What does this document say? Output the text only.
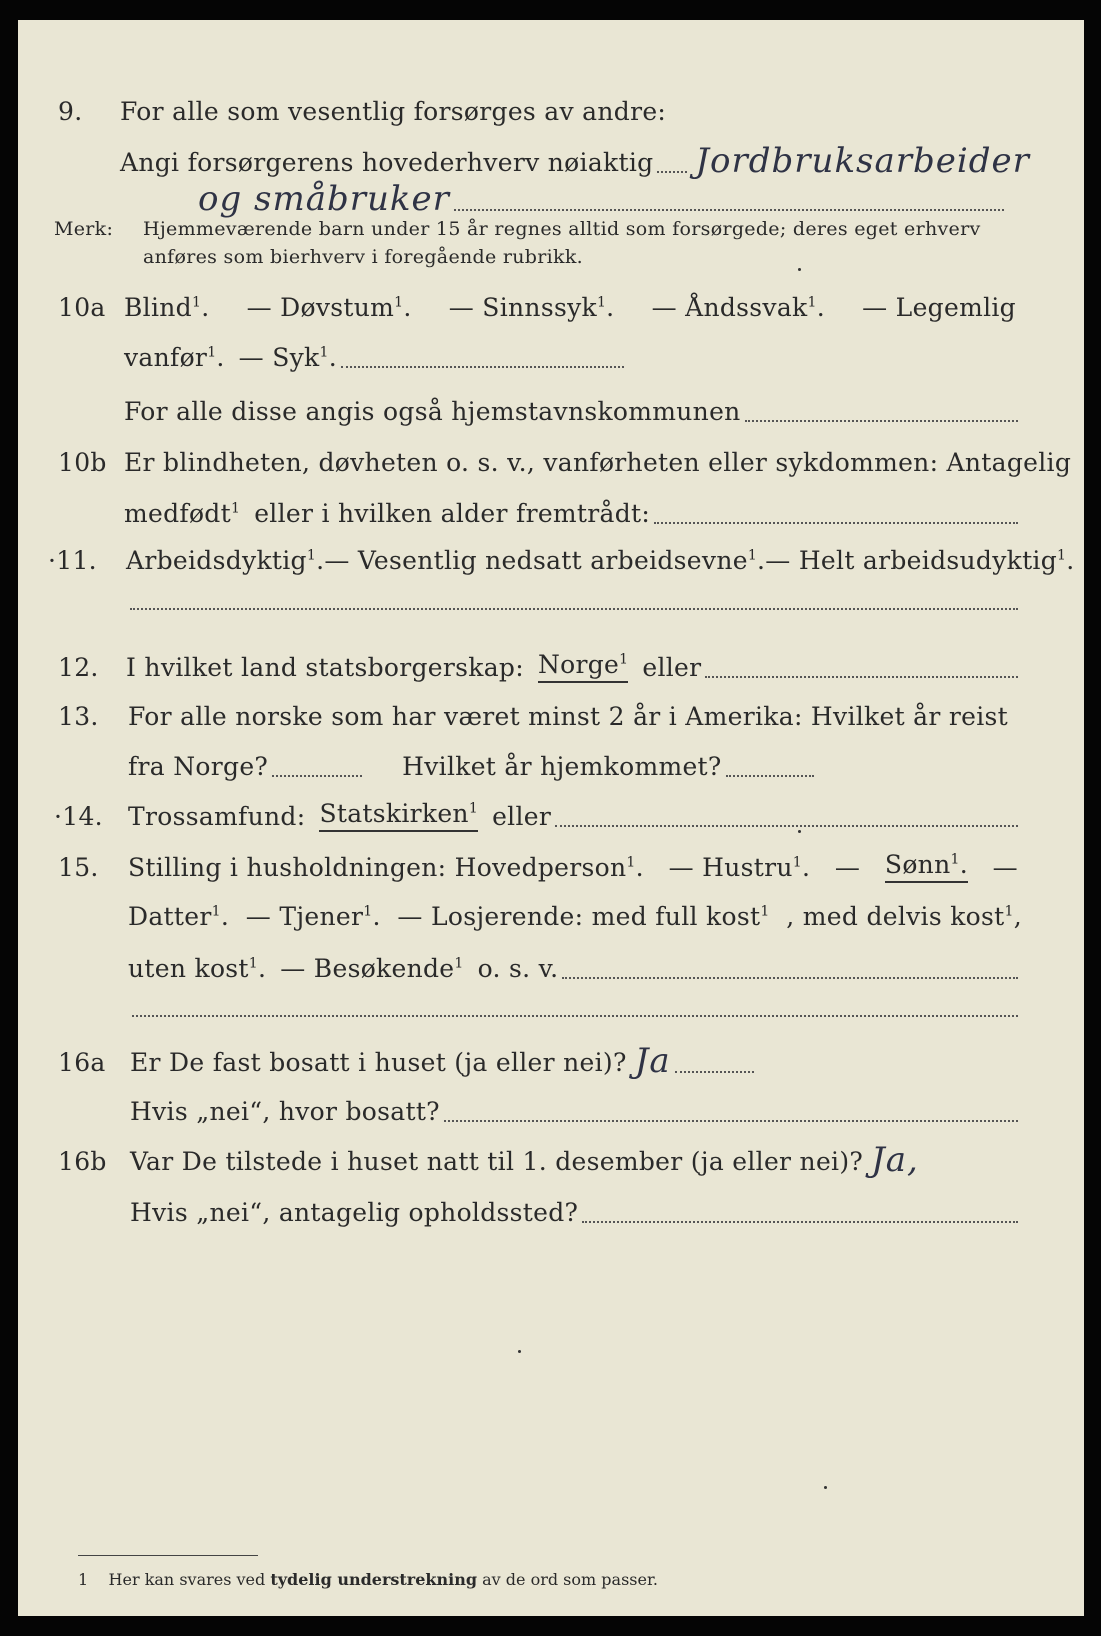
9.	For alle som vesentlig forsørges av andre:
Angi forsørgerens hovederhverv nøiaktig Jordbruksarbeider
og småbruker
Merk:	Hjemmeværende barn under 15 år regnes alltid som forsørgede; deres eget erhverv
anføres som bierhverv i foregående rubrikk.
10a Blind$^1$. — Døvstum$^1$. — Sinnssyk$^1$. — Åndssvak$^1$. — Legemlig
vanfør$^1$. — Syk$^1$.
For alle disse angis også hjemstavnskommunen
10b Er blindheten, døvheten o. s. v., vanførheten eller sykdommen: Antagelig
medfødt$^1$ eller i hvilken alder fremtrådt:
·11.	Arbeidsdyktig$^1$. — Vesentlig nedsatt arbeidsevne$^1$. — Helt arbeidsudyktig$^1$.
12.	I hvilket land statsborgerskap: Norge$^1$ eller
13.	For alle norske som har været minst 2 år i Amerika: Hvilket år reist
fra Norge?	Hvilket år hjemkommet?
·14.	Trossamfund: Statskirken$^1$ eller
15.	Stilling i husholdningen: Hovedperson$^1$. — Hustru$^1$. — Sønn$^1$. —
Datter$^1$. — Tjener$^1$. — Losjerende: med full kost$^1$ , med delvis kost$^1$,
uten kost$^1$. — Besøkende$^1$ o. s. v.
16a Er De fast bosatt i huset (ja eller nei)? Ja
Hvis „nei“, hvor bosatt?
16b Var De tilstede i huset natt til 1. desember (ja eller nei)? Ja,
Hvis „nei“, antagelig opholdssted?
1 Her kan svares ved tydelig understrekning av de ord som passer.
